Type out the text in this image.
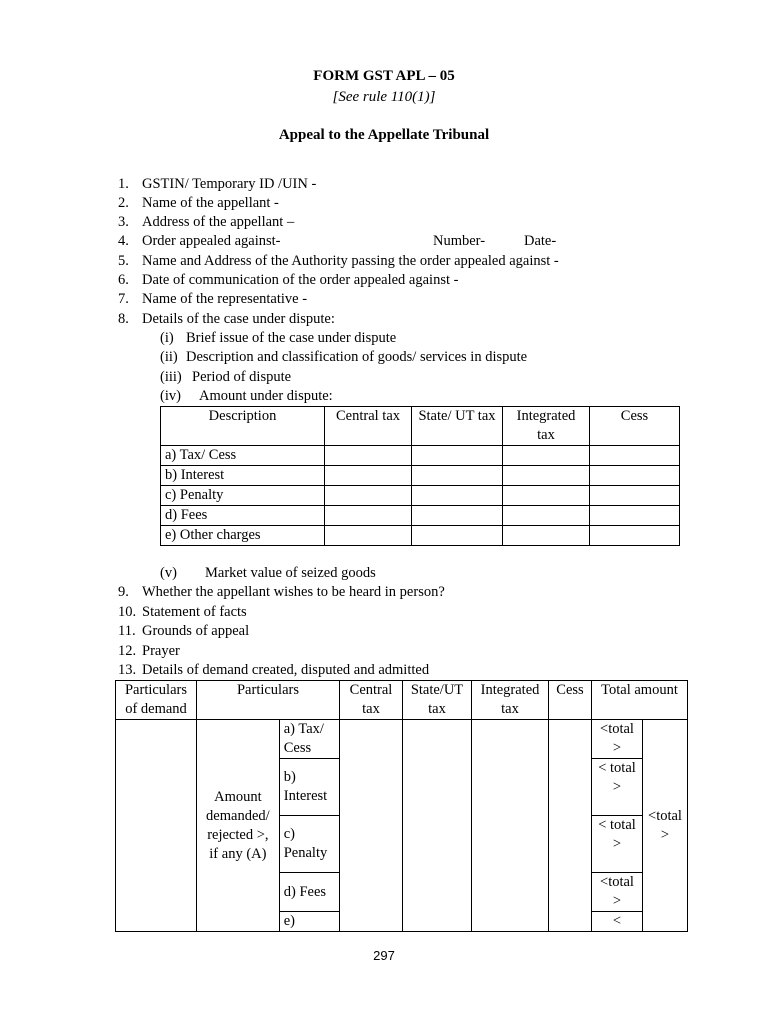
FORM GST APL – 05
[See rule 110(1)]
Appeal to the Appellate Tribunal
1. GSTIN/ Temporary ID /UIN -
2. Name of the appellant -
3. Address of the appellant –
4. Order appealed against-	Number-	Date-
5. Name and Address of the Authority passing the order appealed against -
6. Date of communication of the order appealed against -
7. Name of the representative -
8. Details of the case under dispute:
(i) Brief issue of the case under dispute
(ii) Description and classification of goods/ services in dispute
(iii) Period of dispute
(iv) Amount under dispute:
Description	Central tax	State/ UT tax	Integrated tax	Cess
a) Tax/ Cess				
b) Interest				
c) Penalty				
d) Fees				
e) Other charges				
(v) Market value of seized goods
9. Whether the appellant wishes to be heard in person?
10. Statement of facts
11. Grounds of appeal
12. Prayer
13. Details of demand created, disputed and admitted
Particulars of demand	Particulars		Central tax	State/UT tax	Integrated tax	Cess	Total amount	
	Amount demanded/ rejected >, if any (A)	a) Tax/ Cess					<total >	<total >
		b) Interest					< total >	
		c) Penalty					< total >	
		d) Fees					<total >	
		e)					<	
297
